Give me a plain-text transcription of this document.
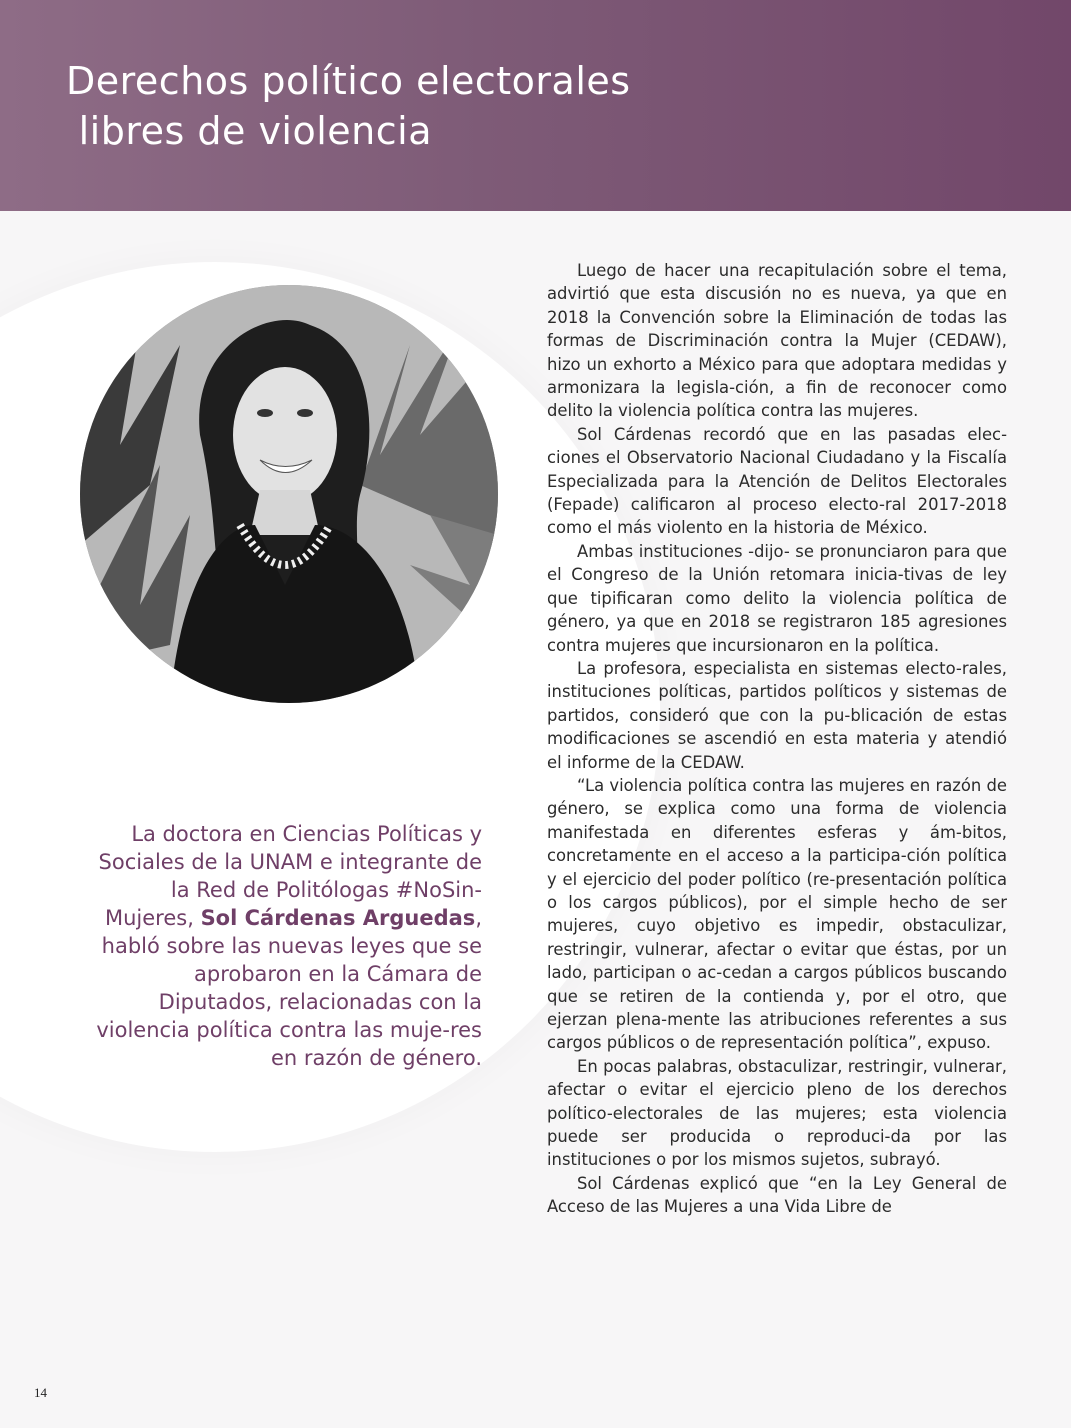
Derechos político electorales
libres de violencia

La doctora en Ciencias Políticas y Sociales de la UNAM e integrante de la Red de Politólogas #NoSin-Mujeres, Sol Cárdenas Arguedas, habló sobre las nuevas leyes que se aprobaron en la Cámara de Diputados, relacionadas con la violencia política contra las muje-res en razón de género.

Luego de hacer una recapitulación sobre el tema, advirtió que esta discusión no es nueva, ya que en 2018 la Convención sobre la Eliminación de todas las formas de Discriminación contra la Mujer (CEDAW), hizo un exhorto a México para que adoptara medidas y armonizara la legisla-ción, a fin de reconocer como delito la violencia política contra las mujeres.

Sol Cárdenas recordó que en las pasadas elec-ciones el Observatorio Nacional Ciudadano y la Fiscalía Especializada para la Atención de Delitos Electorales (Fepade) calificaron al proceso electo-ral 2017-2018 como el más violento en la historia de México.

Ambas instituciones -dijo- se pronunciaron para que el Congreso de la Unión retomara inicia-tivas de ley que tipificaran como delito la violencia política de género, ya que en 2018 se registraron 185 agresiones contra mujeres que incursionaron en la política.

La profesora, especialista en sistemas electo-rales, instituciones políticas, partidos políticos y sistemas de partidos, consideró que con la pu-blicación de estas modificaciones se ascendió en esta materia y atendió el informe de la CEDAW.

“La violencia política contra las mujeres en razón de género, se explica como una forma de violencia manifestada en diferentes esferas y ám-bitos, concretamente en el acceso a la participa-ción política y el ejercicio del poder político (re-presentación política o los cargos públicos), por el simple hecho de ser mujeres, cuyo objetivo es impedir, obstaculizar, restringir, vulnerar, afectar o evitar que éstas, por un lado, participan o ac-cedan a cargos públicos buscando que se retiren de la contienda y, por el otro, que ejerzan plena-mente las atribuciones referentes a sus cargos públicos o de representación política”, expuso.

En pocas palabras, obstaculizar, restringir, vulnerar, afectar o evitar el ejercicio pleno de los derechos político-electorales de las mujeres; esta violencia puede ser producida o reproduci-da por las instituciones o por los mismos sujetos, subrayó.

Sol Cárdenas explicó que “en la Ley General de Acceso de las Mujeres a una Vida Libre de

14
